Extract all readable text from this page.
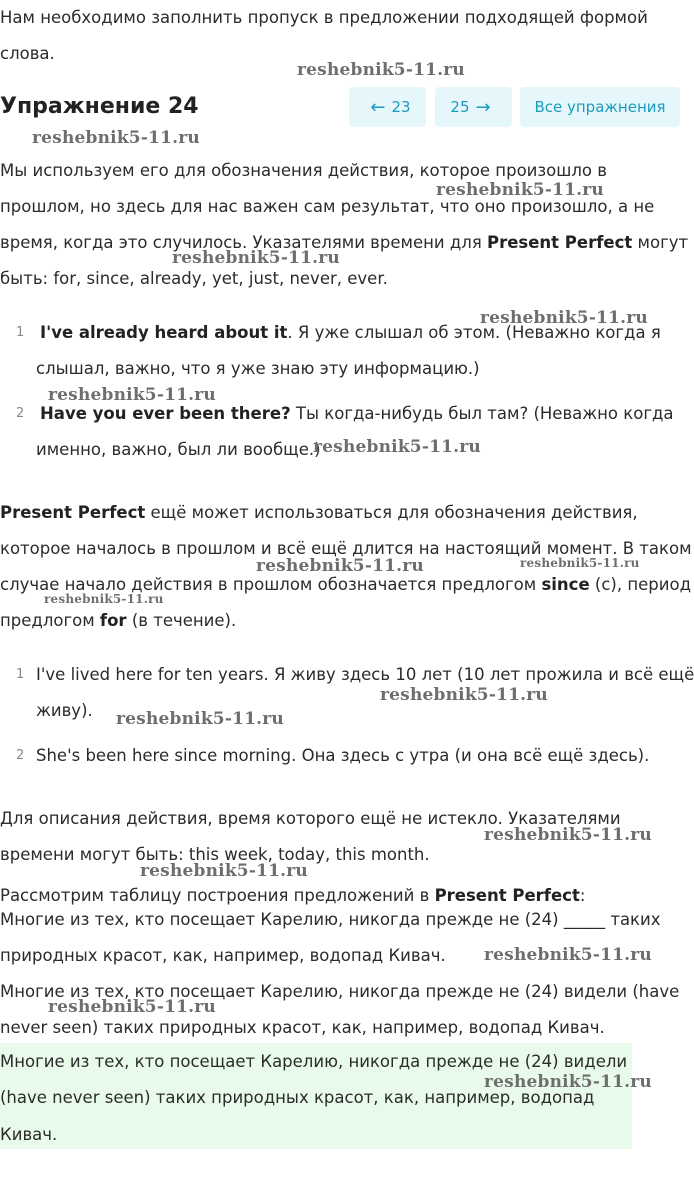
Нам необходимо заполнить пропуск в предложении подходящей формой
слова.
Упражнение 24	← 23	25 →	Все упражнения
Мы используем его для обозначения действия, которое произошло в
прошлом, но здесь для нас важен сам результат, что оно произошло, а не
время, когда это случилось. Указателями времени для Present Perfect могут
быть: for, since, already, yet, just, never, ever.
1 I've already heard about it. Я уже слышал об этом. (Неважно когда я
слышал, важно, что я уже знаю эту информацию.)
2 Have you ever been there? Ты когда-нибудь был там? (Неважно когда
именно, важно, был ли вообще.)
Present Perfect ещё может использоваться для обозначения действия,
которое началось в прошлом и всё ещё длится на настоящий момент. В таком
случае начало действия в прошлом обозначается предлогом since (с), период
предлогом for (в течение).
1 I've lived here for ten years. Я живу здесь 10 лет (10 лет прожила и всё ещё
живу).
2 She's been here since morning. Она здесь с утра (и она всё ещё здесь).
Для описания действия, время которого ещё не истекло. Указателями
времени могут быть: this week, today, this month.
Рассмотрим таблицу построения предложений в Present Perfect:
Многие из тех, кто посещает Карелию, никогда прежде не (24) _____ таких
природных красот, как, например, водопад Кивач.
Многие из тех, кто посещает Карелию, никогда прежде не (24) видели (have
never seen) таких природных красот, как, например, водопад Кивач.
Многие из тех, кто посещает Карелию, никогда прежде не (24) видели
(have never seen) таких природных красот, как, например, водопад
Кивач.
reshebnik5-11.ru
reshebnik5-11.ru
reshebnik5-11.ru
reshebnik5-11.ru
reshebnik5-11.ru
reshebnik5-11.ru
reshebnik5-11.ru
reshebnik5-11.ru	reshebnik5-11.ru
reshebnik5-11.ru
reshebnik5-11.ru
reshebnik5-11.ru
reshebnik5-11.ru
reshebnik5-11.ru
reshebnik5-11.ru
reshebnik5-11.ru
reshebnik5-11.ru
